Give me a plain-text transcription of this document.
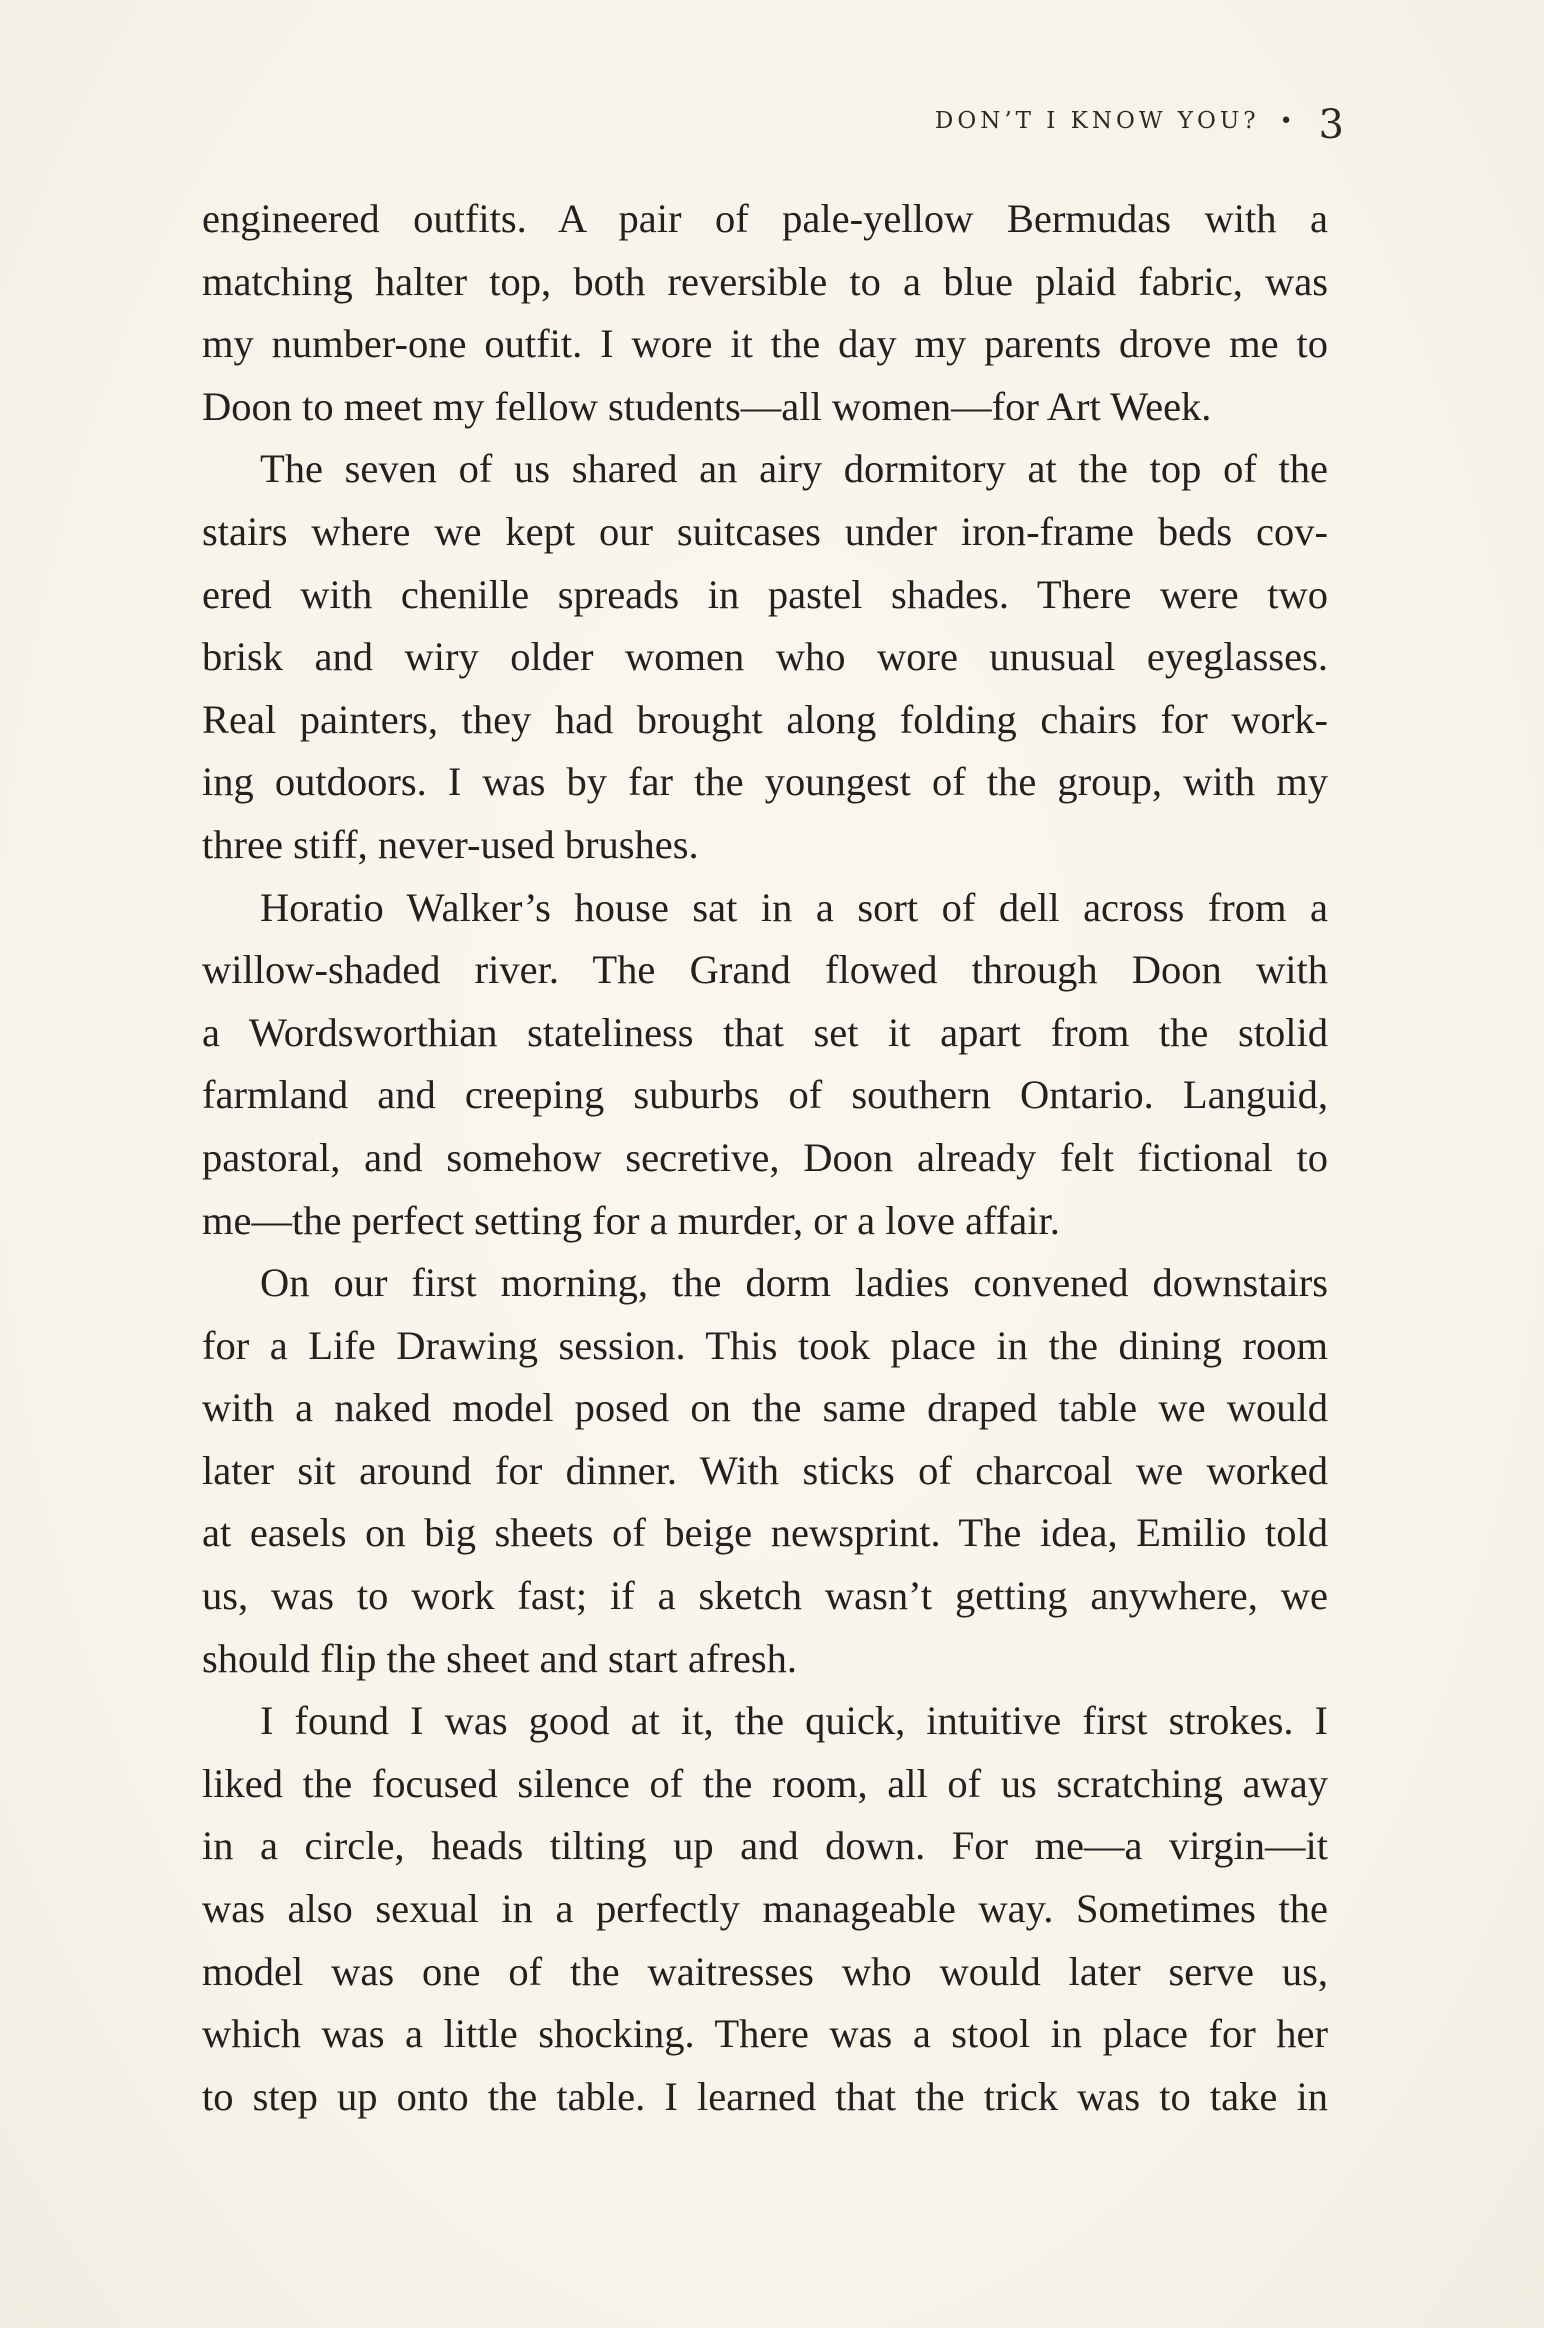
DON’T I KNOW YOU? • 3
engineered outfits. A pair of pale-yellow Bermudas with a
matching halter top, both reversible to a blue plaid fabric, was
my number-one outfit. I wore it the day my parents drove me to
Doon to meet my fellow students—all women—for Art Week.
The seven of us shared an airy dormitory at the top of the
stairs where we kept our suitcases under iron-frame beds cov-
ered with chenille spreads in pastel shades. There were two
brisk and wiry older women who wore unusual eyeglasses.
Real painters, they had brought along folding chairs for work-
ing outdoors. I was by far the youngest of the group, with my
three stiff, never-used brushes.
Horatio Walker’s house sat in a sort of dell across from a
willow-shaded river. The Grand flowed through Doon with
a Wordsworthian stateliness that set it apart from the stolid
farmland and creeping suburbs of southern Ontario. Languid,
pastoral, and somehow secretive, Doon already felt fictional to
me—the perfect setting for a murder, or a love affair.
On our first morning, the dorm ladies convened downstairs
for a Life Drawing session. This took place in the dining room
with a naked model posed on the same draped table we would
later sit around for dinner. With sticks of charcoal we worked
at easels on big sheets of beige newsprint. The idea, Emilio told
us, was to work fast; if a sketch wasn’t getting anywhere, we
should flip the sheet and start afresh.
I found I was good at it, the quick, intuitive first strokes. I
liked the focused silence of the room, all of us scratching away
in a circle, heads tilting up and down. For me—a virgin—it
was also sexual in a perfectly manageable way. Sometimes the
model was one of the waitresses who would later serve us,
which was a little shocking. There was a stool in place for her
to step up onto the table. I learned that the trick was to take in
